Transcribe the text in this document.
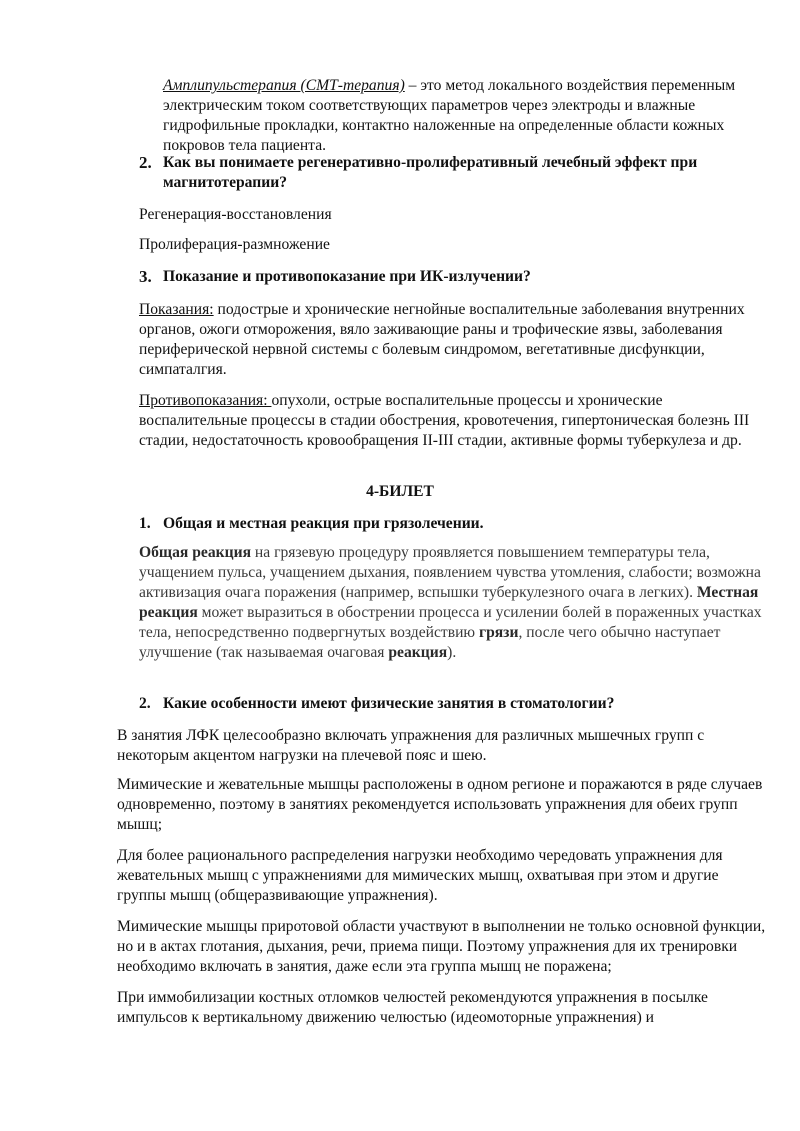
Амплипульстерапия (СМТ-терапия) – это метод локального воздействия переменным электрическим током соответствующих параметров через электроды и влажные гидрофильные прокладки, контактно наложенные на определенные области кожных покровов тела пациента.

2. Как вы понимаете регенеративно-пролиферативный лечебный эффект при магнитотерапии?

Регенерация-восстановления

Пролиферация-размножение

3. Показание и противопоказание при ИК-излучении?

Показания: подострые и хронические негнойные воспалительные заболевания внутренних органов, ожоги отморожения, вяло заживающие раны и трофические язвы, заболевания периферической нервной системы с болевым синдромом, вегетативные дисфункции, симпаталгия.

Противопоказания: опухоли, острые воспалительные процессы и хронические воспалительные процессы в стадии обострения, кровотечения, гипертоническая болезнь III стадии, недостаточность кровообращения II-III стадии, активные формы туберкулеза и др.

4-БИЛЕТ

1. Общая и местная реакция при грязолечении.

Общая реакция на грязевую процедуру проявляется повышением температуры тела, учащением пульса, учащением дыхания, появлением чувства утомления, слабости; возможна активизация очага поражения (например, вспышки туберкулезного очага в легких). Местная реакция может выразиться в обострении процесса и усилении болей в пораженных участках тела, непосредственно подвергнутых воздействию грязи, после чего обычно наступает улучшение (так называемая очаговая реакция).

2. Какие особенности имеют физические занятия в стоматологии?

В занятия ЛФК целесообразно включать упражнения для различных мышечных групп с некоторым акцентом нагрузки на плечевой пояс и шею.

Мимические и жевательные мышцы расположены в одном регионе и поражаются в ряде случаев одновременно, поэтому в занятиях рекомендуется использовать упражнения для обеих групп мышц;

Для более рационального распределения нагрузки необходимо чередовать упражнения для жевательных мышц с упражнениями для мимических мышц, охватывая при этом и другие группы мышц (общеразвивающие упражнения).

Мимические мышцы приротовой области участвуют в выполнении не только основной функции, но и в актах глотания, дыхания, речи, приема пищи. Поэтому упражнения для их тренировки необходимо включать в занятия, даже если эта группа мышц не поражена;

При иммобилизации костных отломков челюстей рекомендуются упражнения в посылке импульсов к вертикальному движению челюстью (идеомоторные упражнения) и
